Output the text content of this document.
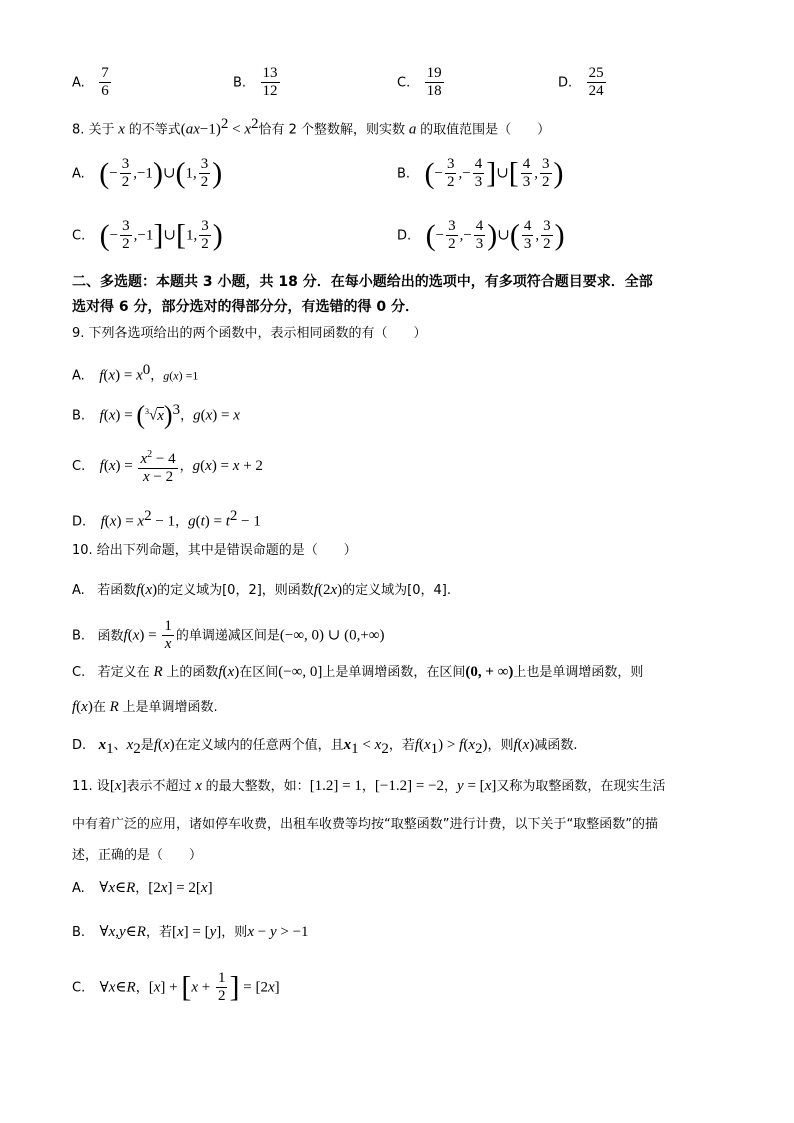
A. $\frac{7}{6}$	B. $\frac{13}{12}$	C. $\frac{19}{18}$	D. $\frac{25}{24}$
8. 关于 x 的不等式$(ax-1)^2 < x^2$恰有 2 个整数解，则实数 a 的取值范围是（　　）
A. (− $\frac{3}{2}$ ,−1)∪(1, $\frac{3}{2}$ )	B. (− $\frac{3}{2}$ ,− $\frac{4}{3}$ ]∪[ $\frac{4}{3}$ , $\frac{3}{2}$ )
C. (− $\frac{3}{2}$ ,−1]∪[1, $\frac{3}{2}$ )	D. (− $\frac{3}{2}$ ,− $\frac{4}{3}$ )∪( $\frac{4}{3}$ , $\frac{3}{2}$ )
二、多选题：本题共 3 小题，共 18 分．在每小题给出的选项中，有多项符合题目要求．全部
选对得 6 分，部分选对的得部分分，有选错的得 0 分．
9. 下列各选项给出的两个函数中，表示相同函数的有（　　）
A. $f(x) = x^0$，g(x) =1
B. $f(x) = (^3√x)^3$，g(x) = x
C. $f(x) = \frac{x^2 - 4}{x - 2}$ ，g(x) = x + 2
D. $f(x) = x^2 - 1$，$g(t) = t^2 - 1$
10. 给出下列命题，其中是错误命题的是（　　）
A. 若函数f(x)的定义域为[0，2]，则函数f(2x)的定义域为[0，4].
B. 函数$f(x) = \frac{1}{x}$ 的单调递减区间是(−∞, 0) ∪ (0,+∞)
C. 若定义在 R 上的函数f(x)在区间(−∞, 0]上是单调增函数，在区间(0, + ∞)上也是单调增函数，则
f(x)在 R 上是单调增函数.
D. $x_1$、$x_2$是f(x)在定义域内的任意两个值，且$x_1 < x_2$，若$f(x_1) > f(x_2)$，则f(x)减函数.
11. 设[x]表示不超过 x 的最大整数，如：[1.2] = 1，[−1.2] = −2，y = [x]又称为取整函数，在现实生活
中有着广泛的应用，诸如停车收费，出租车收费等均按“取整函数”进行计费，以下关于“取整函数”的描
述，正确的是（　　）
A. ∀x∈R，[2x] = 2[x]
B. ∀x,y∈R，若[x] = [y]，则x − y > −1
C. ∀x∈R，$[x] + [x + \frac{1}{2}$ ] = [2x]
